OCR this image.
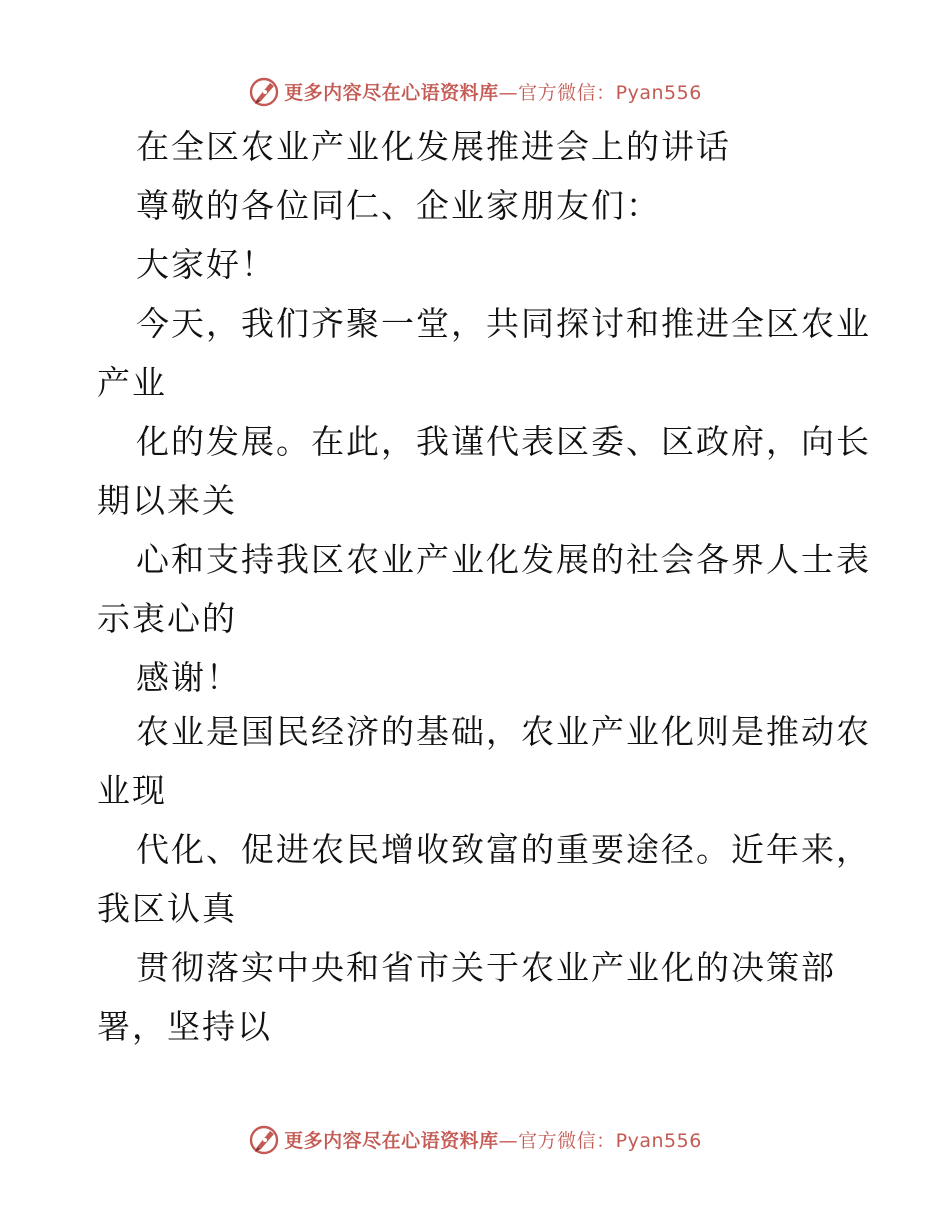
更多内容尽在心语资料库—官方微信：Pyan556
在全区农业产业化发展推进会上的讲话
尊敬的各位同仁、企业家朋友们：
大家好！
今天，我们齐聚一堂，共同探讨和推进全区农业
产业
化的发展。在此，我谨代表区委、区政府，向长
期以来关
心和支持我区农业产业化发展的社会各界人士表
示衷心的
感谢！
农业是国民经济的基础，农业产业化则是推动农
业现
代化、促进农民增收致富的重要途径。近年来，
我区认真
贯彻落实中央和省市关于农业产业化的决策部
署，坚持以
更多内容尽在心语资料库—官方微信：Pyan556
